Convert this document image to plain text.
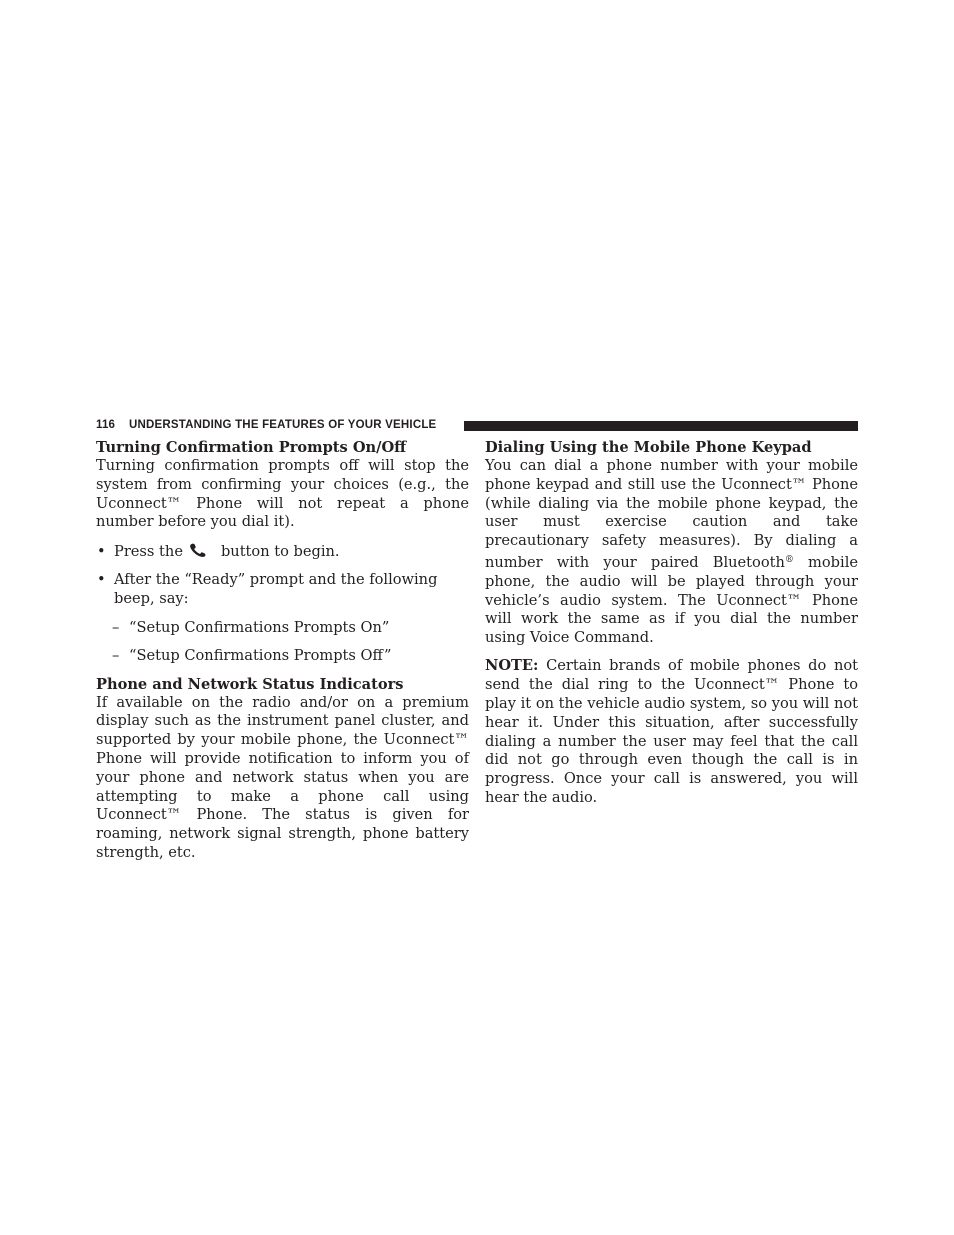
116 UNDERSTANDING THE FEATURES OF YOUR VEHICLE
Turning Confirmation Prompts On/Off

Turning confirmation prompts off will stop the system from confirming your choices (e.g., the Uconnect™ Phone will not repeat a phone number before you dial it).

• Press the	button to begin.
• After the “Ready” prompt and the following beep, say:
– “Setup Confirmations Prompts On”
– “Setup Confirmations Prompts Off”
Phone and Network Status Indicators

If available on the radio and/or on a premium display such as the instrument panel cluster, and supported by your mobile phone, the Uconnect™ Phone will provide notification to inform you of your phone and network status when you are attempting to make a phone call using Uconnect™ Phone. The status is given for roaming, network signal strength, phone battery strength, etc.

Dialing Using the Mobile Phone Keypad

You can dial a phone number with your mobile phone keypad and still use the Uconnect™ Phone (while dialing via the mobile phone keypad, the user must exercise caution and take precautionary safety measures). By dialing a number with your paired Bluetooth® mobile phone, the audio will be played through your vehicle’s audio system. The Uconnect™ Phone will work the same as if you dial the number using Voice Command.

NOTE: Certain brands of mobile phones do not send the dial ring to the Uconnect™ Phone to play it on the vehicle audio system, so you will not hear it. Under this situation, after successfully dialing a number the user may feel that the call did not go through even though the call is in progress. Once your call is answered, you will hear the audio.
